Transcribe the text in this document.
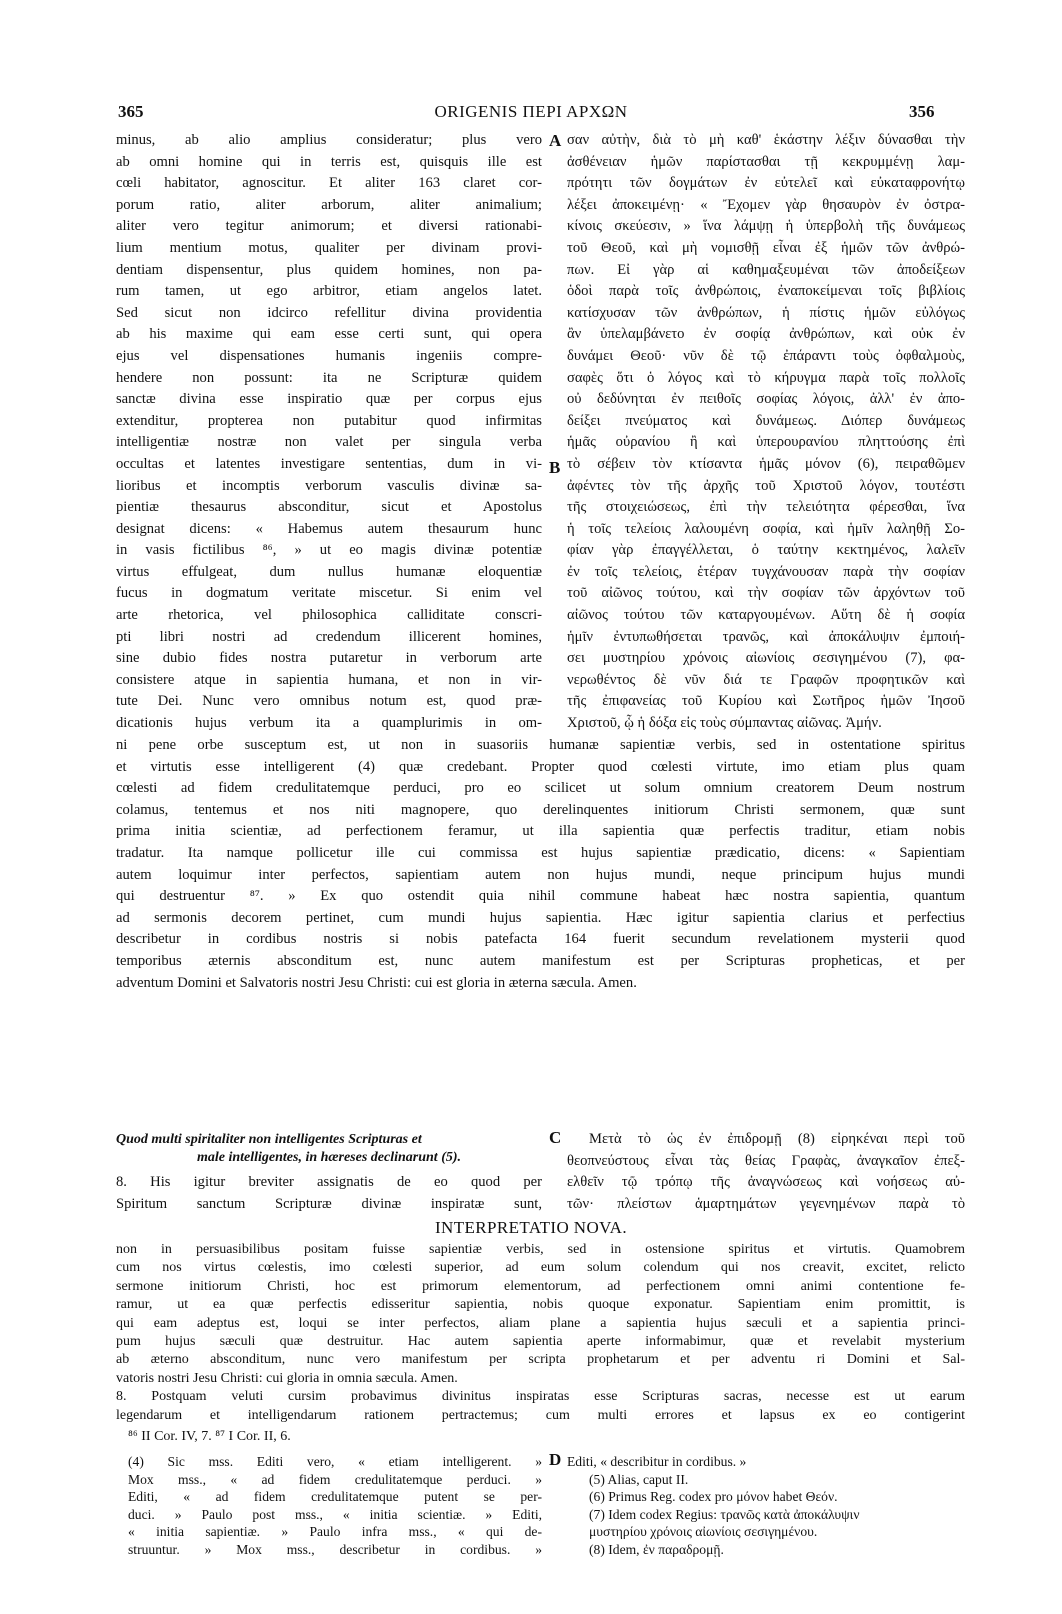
365	ORIGENIS ΠΕΡΙ ΑΡΧΩΝ	356
A
B
C
D
minus, ab alio amplius consideratur; plus vero
ab omni homine qui in terris est, quisquis ille est
cœli habitator, agnoscitur. Et aliter 163 claret cor-
porum ratio, aliter arborum, aliter animalium;
aliter vero tegitur animorum; et diversi rationabi-
lium mentium motus, qualiter per divinam provi-
dentiam dispensentur, plus quidem homines, non pa-
rum tamen, ut ego arbitror, etiam angelos latet.
Sed sicut non idcirco refellitur divina providentia
ab his maxime qui eam esse certi sunt, qui opera
ejus vel dispensationes humanis ingeniis compre-
hendere non possunt: ita ne Scripturæ quidem
sanctæ divina esse inspiratio quæ per corpus ejus
extenditur, propterea non putabitur quod infirmitas
intelligentiæ nostræ non valet per singula verba
occultas et latentes investigare sententias, dum in vi-
lioribus et incomptis verborum vasculis divinæ sa-
pientiæ thesaurus absconditur, sicut et Apostolus
designat dicens: « Habemus autem thesaurum hunc
in vasis fictilibus ⁸⁶, » ut eo magis divinæ potentiæ
virtus effulgeat, dum nullus humanæ eloquentiæ
fucus in dogmatum veritate miscetur. Si enim vel
arte rhetorica, vel philosophica calliditate conscri-
pti libri nostri ad credendum illicerent homines,
sine dubio fides nostra putaretur in verborum arte
consistere atque in sapientia humana, et non in vir-
tute Dei. Nunc vero omnibus notum est, quod præ-
dicationis hujus verbum ita a quamplurimis in om-
σαν αὐτὴν, διὰ τὸ μὴ καθ' ἑκάστην λέξιν δύνασθαι τὴν
ἀσθένειαν ἡμῶν παρίστασθαι τῇ κεκρυμμένῃ λαμ-
πρότητι τῶν δογμάτων ἐν εὐτελεῖ καὶ εὐκαταφρονήτῳ
λέξει ἀποκειμένῃ· « Ἔχομεν γὰρ θησαυρὸν ἐν ὀστρα-
κίνοις σκεύεσιν, » ἵνα λάμψῃ ἡ ὑπερβολὴ τῆς δυνάμεως
τοῦ Θεοῦ, καὶ μὴ νομισθῇ εἶναι ἐξ ἡμῶν τῶν ἀνθρώ-
πων. Εἰ γὰρ αἱ καθημαξευμέναι τῶν ἀποδείξεων
ὁδοὶ παρὰ τοῖς ἀνθρώποις, ἐναποκείμεναι τοῖς βιβλίοις
κατίσχυσαν τῶν ἀνθρώπων, ἡ πίστις ἡμῶν εὐλόγως
ἂν ὑπελαμβάνετο ἐν σοφίᾳ ἀνθρώπων, καὶ οὐκ ἐν
δυνάμει Θεοῦ· νῦν δὲ τῷ ἐπάραντι τοὺς ὀφθαλμοὺς,
σαφὲς ὅτι ὁ λόγος καὶ τὸ κήρυγμα παρὰ τοῖς πολλοῖς
οὐ δεδύνηται ἐν πειθοῖς σοφίας λόγοις, ἀλλ' ἐν ἀπο-
δείξει πνεύματος καὶ δυνάμεως. Διόπερ δυνάμεως
ἡμᾶς οὐρανίου ἢ καὶ ὑπερουρανίου πληττούσης ἐπὶ
τὸ σέβειν τὸν κτίσαντα ἡμᾶς μόνον (6), πειραθῶμεν
ἀφέντες τὸν τῆς ἀρχῆς τοῦ Χριστοῦ λόγον, τουτέστι
τῆς στοιχειώσεως, ἐπὶ τὴν τελειότητα φέρεσθαι, ἵνα
ἡ τοῖς τελείοις λαλουμένη σοφία, καὶ ἡμῖν λαληθῇ Σο-
φίαν γὰρ ἐπαγγέλλεται, ὁ ταύτην κεκτημένος, λαλεῖν
ἐν τοῖς τελείοις, ἑτέραν τυγχάνουσαν παρὰ τὴν σοφίαν
τοῦ αἰῶνος τούτου, καὶ τὴν σοφίαν τῶν ἀρχόντων τοῦ
αἰῶνος τούτου τῶν καταργουμένων. Αὕτη δὲ ἡ σοφία
ἡμῖν ἐντυπωθήσεται τρανῶς, καὶ ἀποκάλυψιν ἐμποιή-
σει μυστηρίου χρόνοις αἰωνίοις σεσιγημένου (7), φα-
νερωθέντος δὲ νῦν διά τε Γραφῶν προφητικῶν καὶ
τῆς ἐπιφανείας τοῦ Κυρίου καὶ Σωτῆρος ἡμῶν Ἰησοῦ
Χριστοῦ, ᾧ ἡ δόξα εἰς τοὺς σύμπαντας αἰῶνας. Ἀμήν.
ni pene orbe susceptum est, ut non in suasoriis humanæ sapientiæ verbis, sed in ostentatione spiritus
et virtutis esse intelligerent (4) quæ credebant. Propter quod cœlesti virtute, imo etiam plus quam
cœlesti ad fidem credulitatemque perduci, pro eo scilicet ut solum omnium creatorem Deum nostrum
colamus, tentemus et nos niti magnopere, quo derelinquentes initiorum Christi sermonem, quæ sunt
prima initia scientiæ, ad perfectionem feramur, ut illa sapientia quæ perfectis traditur, etiam nobis
tradatur. Ita namque pollicetur ille cui commissa est hujus sapientiæ prædicatio, dicens: « Sapientiam
autem loquimur inter perfectos, sapientiam autem non hujus mundi, neque principum hujus mundi
qui destruentur ⁸⁷. » Ex quo ostendit quia nihil commune habeat hæc nostra sapientia, quantum
ad sermonis decorem pertinet, cum mundi hujus sapientia. Hæc igitur sapientia clarius et perfectius
describetur in cordibus nostris si nobis patefacta 164 fuerit secundum revelationem mysterii quod
temporibus æternis absconditum est, nunc autem manifestum est per Scripturas propheticas, et per
adventum Domini et Salvatoris nostri Jesu Christi: cui est gloria in æterna sæcula. Amen.
Quod multi spiritaliter non intelligentes Scripturas et
male intelligentes, in hæreses declinarunt (5).
8. His igitur breviter assignatis de eo quod per
Spiritum sanctum Scripturæ divinæ inspiratæ sunt,
Μετὰ τὸ ὡς ἐν ἐπιδρομῇ (8) εἰρηκέναι περὶ τοῦ
θεοπνεύστους εἶναι τὰς θείας Γραφὰς, ἀναγκαῖον ἐπεξ-
ελθεῖν τῷ τρόπῳ τῆς ἀναγνώσεως καὶ νοήσεως αὐ-
τῶν· πλείστων ἁμαρτημάτων γεγενημένων παρὰ τὸ
INTERPRETATIO NOVA.
non in persuasibilibus positam fuisse sapientiæ verbis, sed in ostensione spiritus et virtutis. Quamobrem
cum nos virtus cœlestis, imo cœlesti superior, ad eum solum colendum qui nos creavit, excitet, relicto
sermone initiorum Christi, hoc est primorum elementorum, ad perfectionem omni animi contentione fe-
ramur, ut ea quæ perfectis edisseritur sapientia, nobis quoque exponatur. Sapientiam enim promittit, is
qui eam adeptus est, loqui se inter perfectos, aliam plane a sapientia hujus sæculi et a sapientia princi-
pum hujus sæculi quæ destruitur. Hac autem sapientia aperte informabimur, quæ et revelabit mysterium
ab æterno absconditum, nunc vero manifestum per scripta prophetarum et per adventu ri Domini et Sal-
vatoris nostri Jesu Christi: cui gloria in omnia sæcula. Amen.
8. Postquam veluti cursim probavimus divinitus inspiratas esse Scripturas sacras, necesse est ut earum
legendarum et intelligendarum rationem pertractemus; cum multi errores et lapsus ex eo contigerint
⁸⁶ II Cor. IV, 7. ⁸⁷ I Cor. II, 6.
(4) Sic mss. Editi vero, « etiam intelligerent. »
Mox mss., « ad fidem credulitatemque perduci. »
Editi, « ad fidem credulitatemque putent se per-
duci. » Paulo post mss., « initia scientiæ. » Editi,
« initia sapientiæ. » Paulo infra mss., « qui de-
struuntur. » Mox mss., describetur in cordibus. »
Editi, « describitur in cordibus. »
(5) Alias, caput II.
(6) Primus Reg. codex pro μόνον habet Θεόν.
(7) Idem codex Regius: τρανῶς κατὰ ἀποκάλυψιν
μυστηρίου χρόνοις αἰωνίοις σεσιγημένου.
(8) Idem, ἐν παραδρομῇ.
